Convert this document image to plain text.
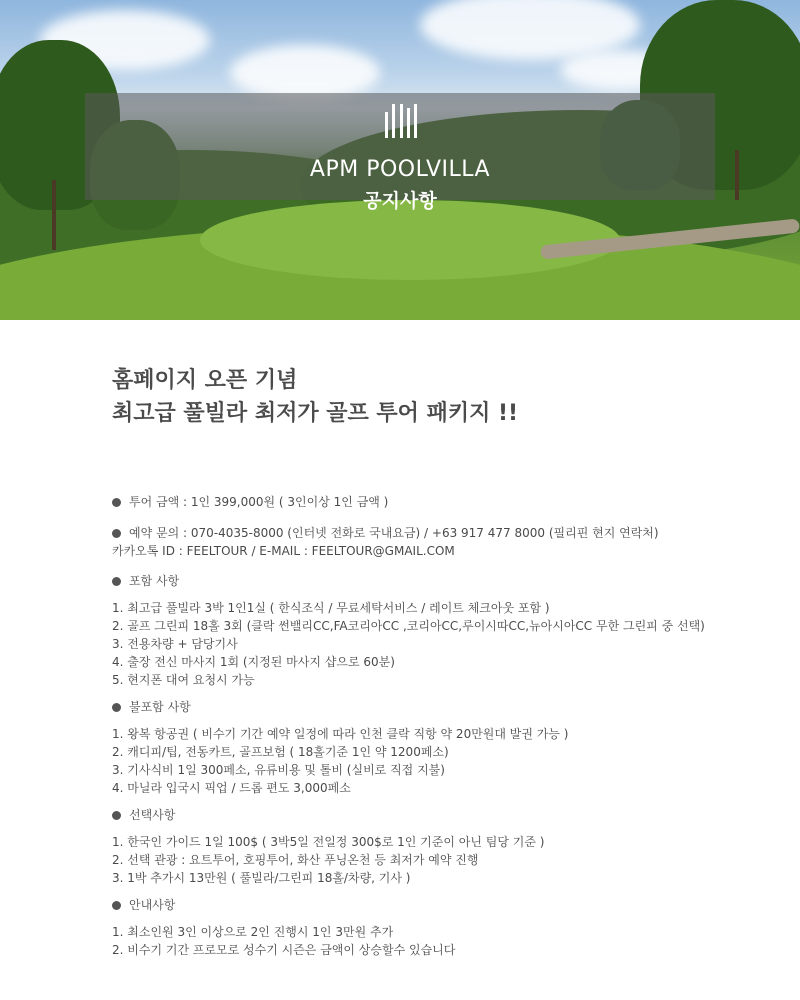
APM POOLVILLA
공지사항

홈페이지 오픈 기념

최고급 풀빌라 최저가 골프 투어 패키지 !!

투어 금액 : 1인 399,000원 ( 3인이상 1인 금액 )
예약 문의 : 070-4035-8000 (인터넷 전화로 국내요금) / +63 917 477 8000 (필리핀 현지 연락처)
카카오톡 ID : FEELTOUR / E-MAIL : FEELTOUR@GMAIL.COM
포함 사항
1. 최고급 풀빌라 3박 1인1실 ( 한식조식 / 무료세탁서비스 / 레이트 체크아웃 포함 )
2. 골프 그린피 18홀 3회 (클락 썬밸리CC,FA코리아CC ,코리아CC,루이시따CC,뉴아시아CC 무한 그린피 중 선택)
3. 전용차량 + 담당기사
4. 출장 전신 마사지 1회 (지정된 마사지 샵으로 60분)
5. 현지폰 대여 요청시 가능
불포함 사항
1. 왕복 항공권 ( 비수기 기간 예약 일정에 따라 인천 클락 직항 약 20만원대 발권 가능 )
2. 캐디피/팁, 전동카트, 골프보험 ( 18홀기준 1인 약 1200페소)
3. 기사식비 1일 300페소, 유류비용 및 톨비 (실비로 직접 지불)
4. 마닐라 입국시 픽업 / 드롭 편도 3,000페소
선택사항
1. 한국인 가이드 1일 100$ ( 3박5일 전일정 300$로 1인 기준이 아닌 팀당 기준 )
2. 선택 관광 : 요트투어, 호핑투어, 화산 푸닝온천 등 최저가 예약 진행
3. 1박 추가시 13만원 ( 풀빌라/그린피 18홀/차량, 기사 )
안내사항
1. 최소인원 3인 이상으로 2인 진행시 1인 3만원 추가
2. 비수기 기간 프로모로 성수기 시즌은 금액이 상승할수 있습니다
